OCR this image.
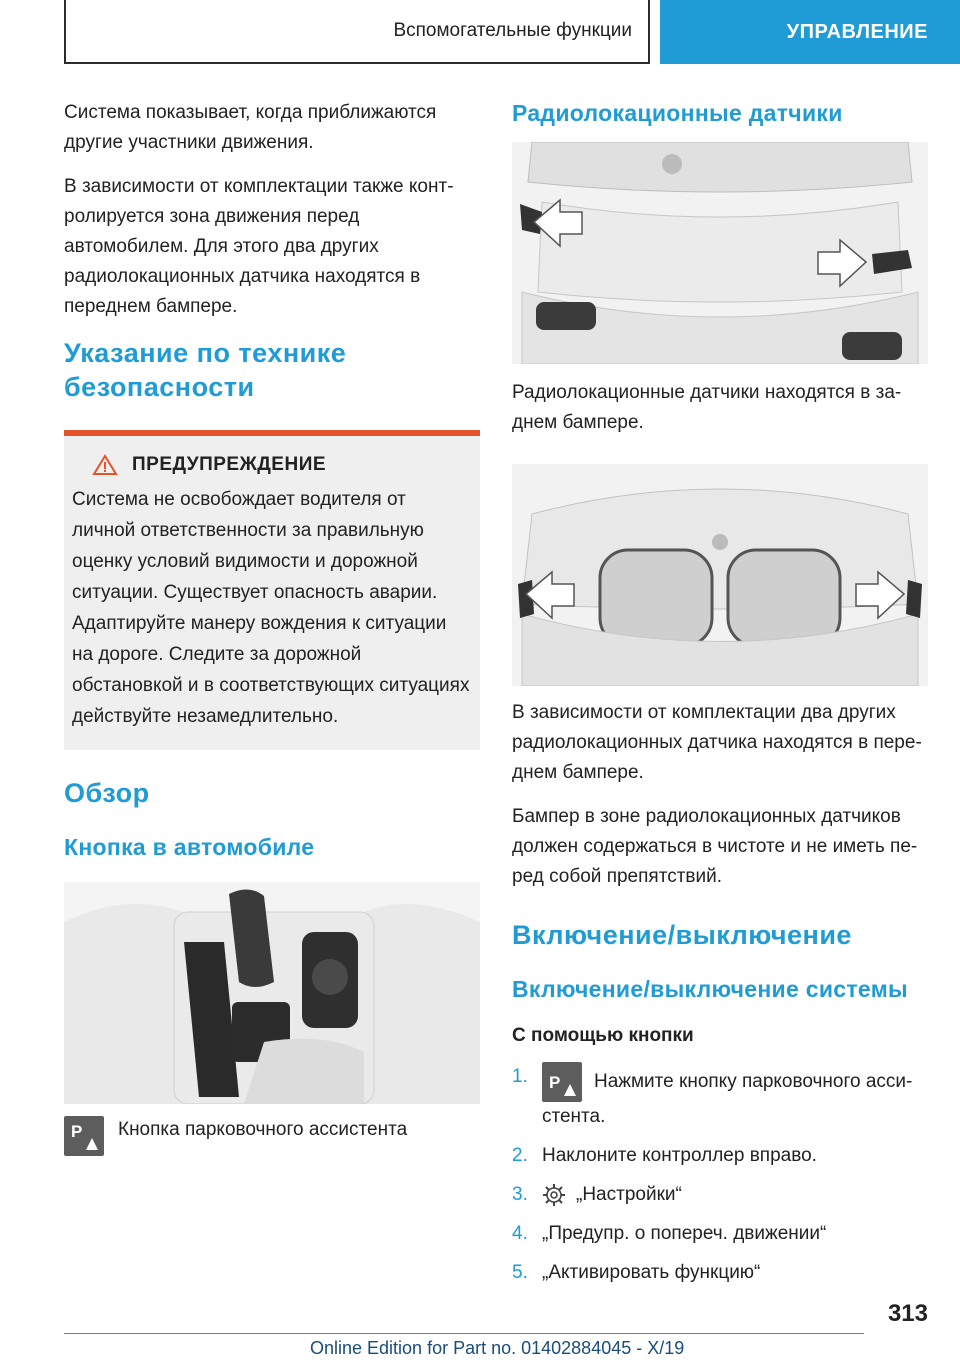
Вспомогательные функции	УПРАВЛЕНИЕ

Система показывает, когда приближаются другие участники движения.

В зависимости от комплектации также контролируется зона движения перед автомобилем. Для этого два других радиолокационных датчика находятся в переднем бампере.

Указание по технике безопасности
ПРЕДУПРЕЖДЕНИЕ

Система не освобождает водителя от личной ответственности за правильную оценку условий видимости и дорожной ситуации. Существует опасность аварии. Адаптируйте манеру вождения к ситуации на дороге. Следите за дорожной обстановкой и в соответствующих ситуациях действуйте незамедлительно.

Обзор
Кнопка в автомобиле
P Кнопка парковочного ассистента
Радиолокационные датчики

Радиолокационные датчики находятся в заднем бампере.

В зависимости от комплектации два других радиолокационных датчика находятся в переднем бампере.

Бампер в зоне радиолокационных датчиков должен содержаться в чистоте и не иметь перед собой препятствий.

Включение/выключение
Включение/выключение системы
С помощью кнопки
1.	P Нажмите кнопку парковочного ассистента.
2. Наклоните контроллер вправо.
3.	„Настройки“
4. „Предупр. о попереч. движении“
5. „Активировать функцию“
313
Online Edition for Part no. 01402884045 - X/19
